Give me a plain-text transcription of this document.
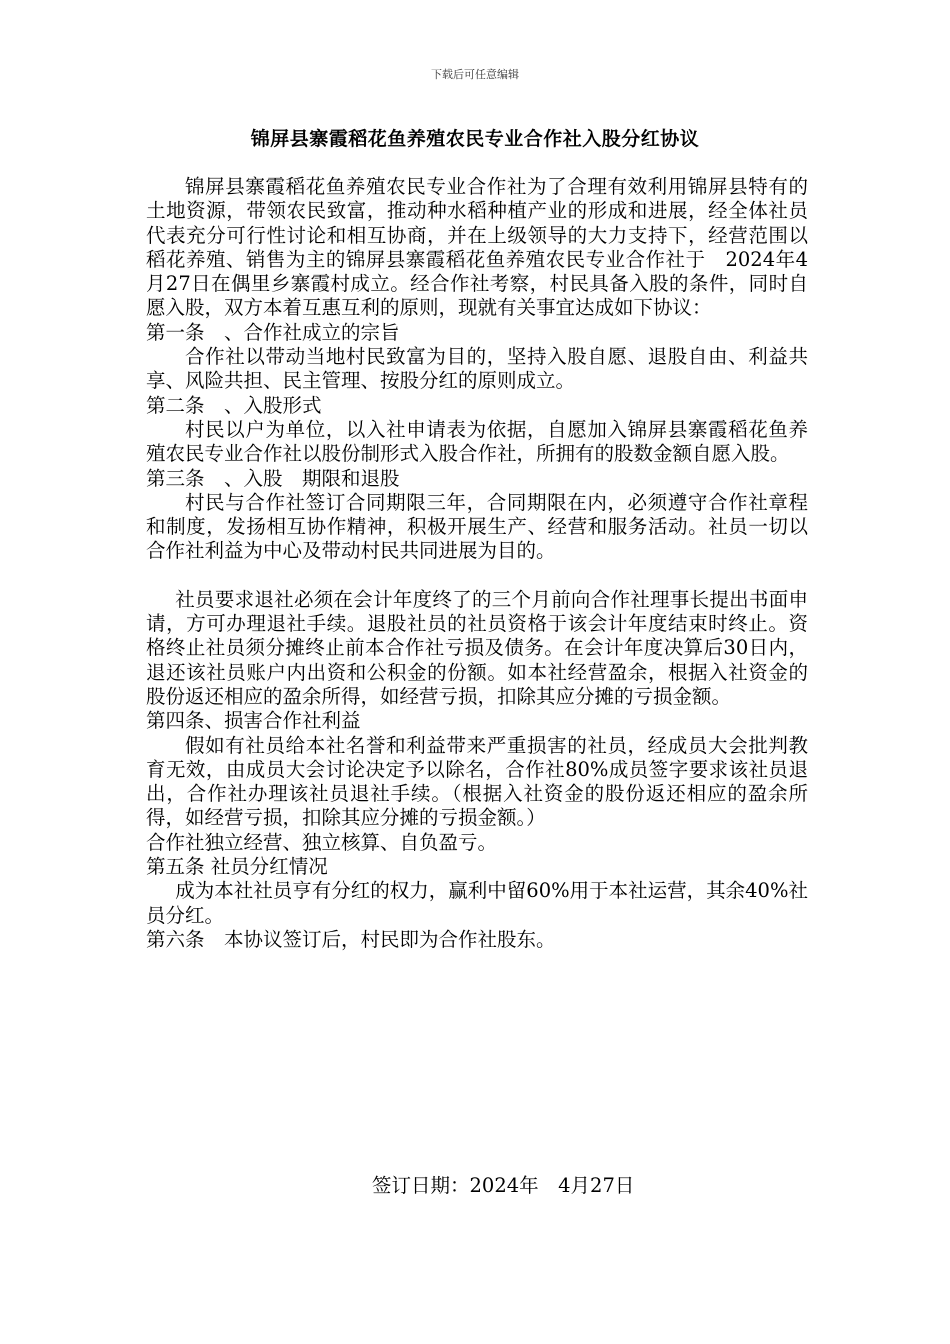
下载后可任意编辑
锦屏县寨霞稻花鱼养殖农民专业合作社入股分红协议

锦屏县寨霞稻花鱼养殖农民专业合作社为了合理有效利用锦屏县特有的土地资源，带领农民致富，推动种水稻种植产业的形成和进展，经全体社员代表充分可行性讨论和相互协商，并在上级领导的大力支持下，经营范围以稻花养殖、销售为主的锦屏县寨霞稻花鱼养殖农民专业合作社于　2024年4月27日在偶里乡寨霞村成立。经合作社考察，村民具备入股的条件，同时自愿入股，双方本着互惠互利的原则，现就有关事宜达成如下协议：

第一条　、合作社成立的宗旨

合作社以带动当地村民致富为目的，坚持入股自愿、退股自由、利益共享、风险共担、民主管理、按股分红的原则成立。

第二条　、入股形式

村民以户为单位，以入社申请表为依据，自愿加入锦屏县寨霞稻花鱼养殖农民专业合作社以股份制形式入股合作社，所拥有的股数金额自愿入股。

第三条　、入股　期限和退股

村民与合作社签订合同期限三年，合同期限在内，必须遵守合作社章程和制度，发扬相互协作精神，积极开展生产、经营和服务活动。社员一切以合作社利益为中心及带动村民共同进展为目的。

社员要求退社必须在会计年度终了的三个月前向合作社理事长提出书面申请，方可办理退社手续。退股社员的社员资格于该会计年度结束时终止。资格终止社员须分摊终止前本合作社亏损及债务。在会计年度决算后30日内，退还该社员账户内出资和公积金的份额。如本社经营盈余，根据入社资金的股份返还相应的盈余所得，如经营亏损，扣除其应分摊的亏损金额。

第四条、损害合作社利益

假如有社员给本社名誉和利益带来严重损害的社员，经成员大会批判教育无效，由成员大会讨论决定予以除名，合作社80%成员签字要求该社员退出，合作社办理该社员退社手续。（根据入社资金的股份返还相应的盈余所得，如经营亏损，扣除其应分摊的亏损金额。）

合作社独立经营、独立核算、自负盈亏。

第五条 社员分红情况

成为本社社员亨有分红的权力，赢利中留60%用于本社运营，其余40%社员分红。

第六条　本协议签订后，村民即为合作社股东。

签订日期：2024年　4月27日
